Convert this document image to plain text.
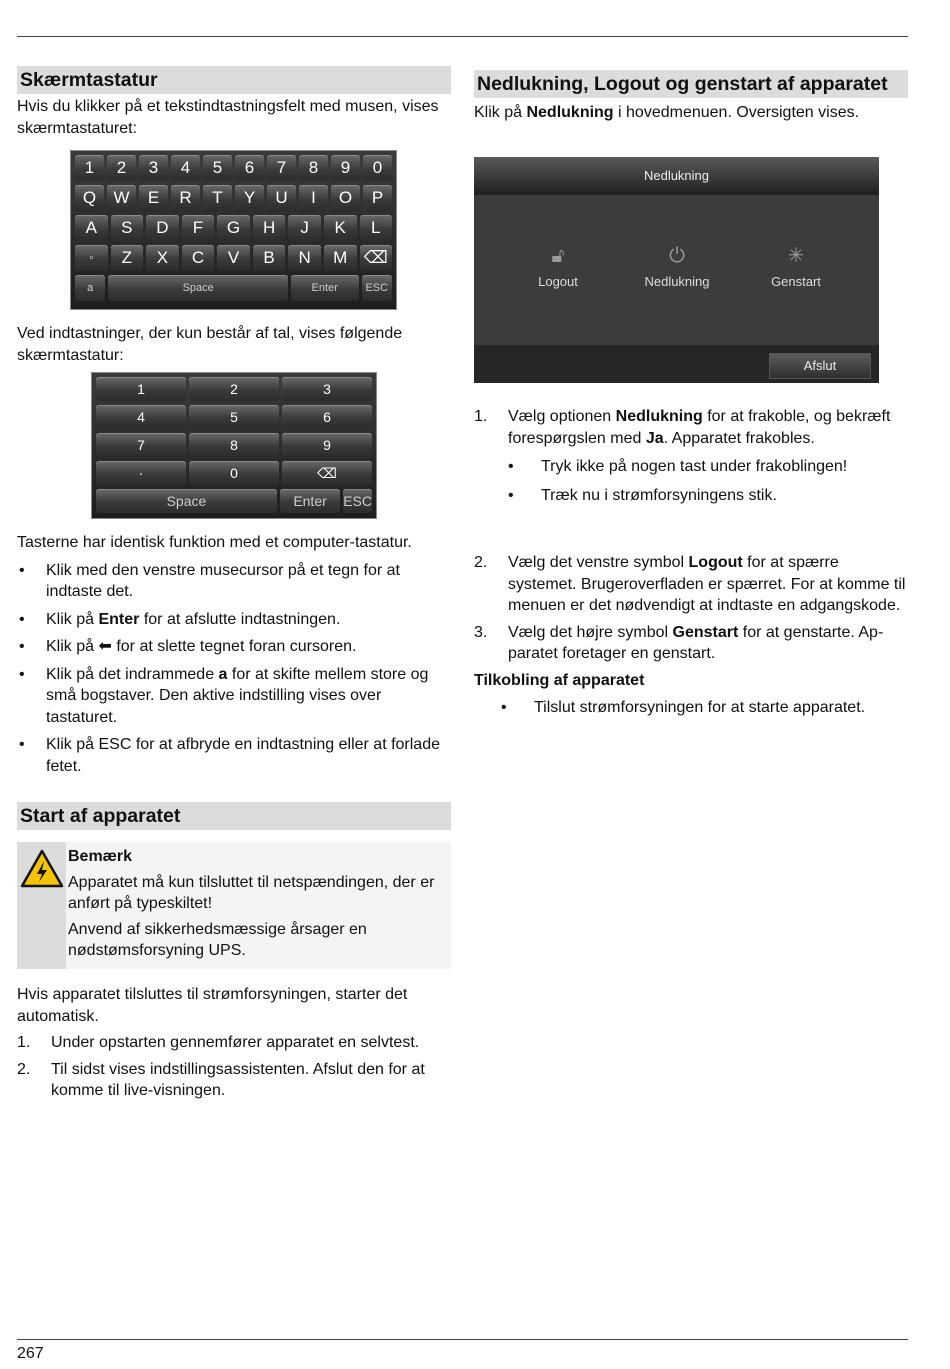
Skærmtastatur

Hvis du klikker på et tekstindtastningsfelt med musen, vises skærmtastaturet:

1	2	3	4	5	6	7	8	9	0
Q	W	E	R	T	Y	U	I	O	P
A	S	D	F	G	H	J	K	L
▫	Z	X	C	V	B	N	M ⌫
a	Space	Enter	ESC

Ved indtastninger, der kun består af tal, vises følgende skærmtastatur:

1	2	3
4	5	6
7	8	9
·	0	⌫
Space	Enter	ESC

Tasterne har identisk funktion med et computer-tastatur.

• Klik med den venstre musecursor på et tegn for at indtaste det.
• Klik på Enter for at afslutte indtastningen.
• Klik på ⬅ for at slette tegnet foran cursoren.
• Klik på det indrammede a for at skifte mellem store og små bogstaver. Den aktive indstilling vises over tastaturet.
• Klik på ESC for at afbryde en indtastning eller at forlade fetet.
Start af apparatet
Bemærk

Apparatet må kun tilsluttet til netspændingen, der er anført på typeskiltet!

Anvend af sikkerhedsmæssige årsager en nødstømsforsyning UPS.

Hvis apparatet tilsluttes til strømforsyningen, starter det automatisk.

1. Under opstarten gennemfører apparatet en selvtest.
2. Til sidst vises indstillingsassistenten. Afslut den for at komme til live-visningen.
Nedlukning, Logout og genstart af apparatet

Klik på Nedlukning i hovedmenuen. Oversigten vises.

Nedlukning
🔓︎
Logout
⏻
Nedlukning
✳
Genstart
Afslut
1. Vælg optionen Nedlukning for at frakoble, og bekræft forespørgslen med Ja. Apparatet frakobles.
• Tryk ikke på nogen tast under frakoblingen!
• Træk nu i strømforsyningens stik.
2. Vælg det venstre symbol Logout for at spærre systemet. Brugeroverfladen er spærret. For at komme til menuen er det nødvendigt at indtaste en adgangskode.
3. Vælg det højre symbol Genstart for at genstarte. Ap-paratet foretager en genstart.

Tilkobling af apparatet

• Tilslut strømforsyningen for at starte apparatet.
267
